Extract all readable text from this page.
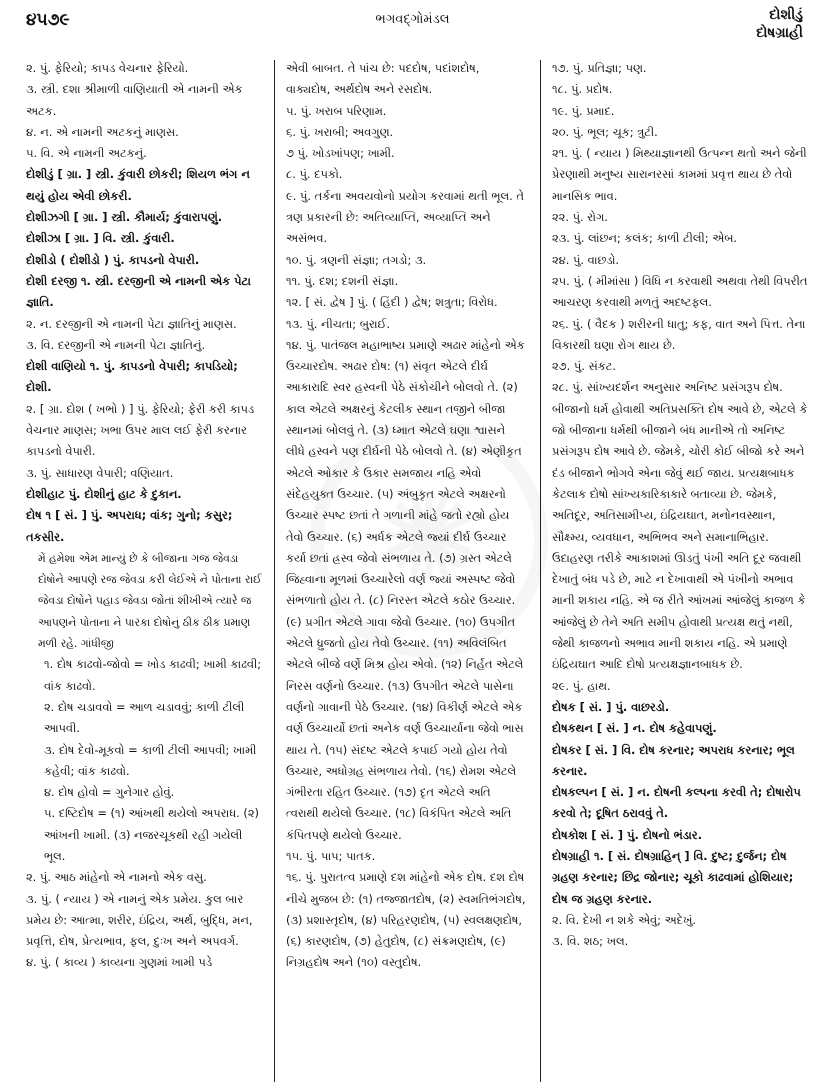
૪૫૭૯	ભગવદ્ગોમંડલ	દોશીડું
દોષગ્રાહી

૨. પું. ફેરિયો; કાપડ વેચનાર ફેરિયો.

૩. સ્ત્રી. દશા શ્રીમાળી વાણિયાતી એ નામની એક અટક.

૪. ન. એ નામની અટકનું માણસ.

૫. વિ. એ નામની અટકનું.

દોશીડું [ ગ્રા. ] સ્ત્રી. કુંવારી છોકરી; શિયળ ભંગ ન થયું હોય એવી છોકરી.

દોશીઝગી [ ગ્રા. ] સ્ત્રી. કૌમાર્ય; કુંવારાપણું.

દોશીઝા [ ગ્રા. ] વિ. સ્ત્રી. કુંવારી.

દોશીડો ( દોશીડો ) પું. કાપડનો વેપારી.

દોશી દરજી ૧. સ્ત્રી. દરજીની એ નામની એક પેટા જ્ઞાતિ.

૨. ન. દરજીની એ નામની પેટા જ્ઞાતિનું માણસ.

૩. વિ. દરજીની એ નામની પેટા જ્ઞાતિનું.

દોશી વાણિયો ૧. પું. કાપડનો વેપારી; કાપડિયો; દોશી.

૨. [ ગ્રા. દોશ ( ખભો ) ] પું. ફેરિયો; ફેરી કરી કાપડ વેચનાર માણસ; ખભા ઉપર માલ લઈ ફેરી કરનાર કાપડનો વેપારી.

૩. પું. સાધારણ વેપારી; વણિયાત.

દોશીહાટ પું. દોશીનું હાટ કે દુકાન.

દોષ ૧ [ સં. ] પું. અપરાધ; વાંક; ગુનો; કસુર; તકસીર.

મેં હમેશા એમ માન્યું છે કે બીજાના ગજ જેવડા દોષોને આપણે રજ જેવડા કરી લેઈએ ને પોતાના રાઈ જેવડા દોષોને પહાડ જેવડા જોતાં શીખીએ ત્યારે જ આપણને પોતાના ને પારકા દોષોનું ઠીક ઠીક પ્રમાણ મળી રહે. ગાંધીજી

૧. દોષ કાઢવો-જોવો = ખોડ કાઢવી; ખામી કાઢવી; વાંક કાઢવો.

૨. દોષ ચડાવવો = આળ ચડાવવું; કાળી ટીલી આપવી.

૩. દોષ દેવો-મૂકવો = કાળી ટીલી આપવી; ખામી કહેવી; વાંક કાઢવો.

૪. દોષ હોવો = ગુનેગાર હોવું.

૫. દષ્ટિદોષ = (૧) આંખથી થયેલો અપરાધ. (૨) આંખની ખામી. (૩) નજરચૂકથી રહી ગયેલી ભૂલ.

૨. પું. આઠ માંહેનો એ નામનો એક વસુ.

૩. પું. ( ન્યાય ) એ નામનું એક પ્રમેય. કુલ બાર પ્રમેય છે: આત્મા, શરીર, ઇંદ્રિય, અર્થ, બુદ્ધિ, મન, પ્રવૃત્તિ, દોષ, પ્રેત્યભાવ, ફલ, દુઃખ અને અપવર્ગ.

૪. પું. ( કાવ્ય ) કાવ્યના ગુણમાં ખામી પડે

એવી બાબત. તે પાંચ છે: પદદોષ, પદાંશદોષ, વાક્યદોષ, અર્થદોષ અને રસદોષ.

૫. પું. ખરાબ પરિણામ.

૬. પું. ખરાબી; અવગુણ.

૭ પું. ખોડખાંપણ; ખામી.

૮. પું. દપકો.

૯. પું. તર્કના અવયવોનો પ્રયોગ કરવામાં થતી ભૂલ. તે ત્રણ પ્રકારની છે: અતિવ્યાપ્તિ, અવ્યાપ્તિ અને અસંભવ.

૧૦. પું. ત્રણની સંજ્ઞા; તગડો; ૩.

૧૧. પું. દશ; દશની સંજ્ઞા.

૧૨. [ સં. દ્વેષ ] પું. ( હિંદી ) દ્વેષ; શત્રુતા; વિરોધ.

૧૩. પું. નીચતા; બુરાઈ.

૧૪. પું. પાતંજલ મહાભાષ્ય પ્રમાણે અઢાર માંહેનો એક ઉચ્ચારદોષ. અઢાર દોષ: (૧) સંવૃત એટલે દીર્ઘ આકારાદિ સ્વર હસ્વની પેઠે સંકોચીને બોલવો તે. (૨) કાલ એટલે અક્ષરનું કેટલીક સ્થાન તજીને બીજા સ્થાનમાં બોલવું તે. (૩) ધ્માત એટલે ઘણા શ્વાસને લીધે હસ્વને પણ દીર્ઘની પેઠે બોલવો તે. (૪) એણીકૃત એટલે ઓકાર કે ઉકાર સમજાય નહિ એવો સંદેહયુક્ત ઉચ્ચાર. (૫) અંબુકૃત એટલે અક્ષરનો ઉચ્ચાર સ્પષ્ટ છતાં તે ગળાની માંહે જતો રહ્યો હોય તેવો ઉચ્ચાર. (૬) અર્ધક એટલે જ્યાં દીર્ઘ ઉચ્ચાર કર્યા છતાં હ્રસ્વ જેવો સંભળાય તે. (૭) ગ્રસ્ત એટલે જિહ્વાના મૂળમાં ઉચ્ચારેલો વર્ણ જ્યાં અસ્પષ્ટ જેવો સંભળાતો હોય તે. (૮) નિરસ્ત એટલે કઠોર ઉચ્ચાર. (૯) પ્રગીત એટલે ગાવા જેવો ઉચ્ચાર. (૧૦) ઉપગીત એટલે ધ્રુજતો હોય તેવો ઉચ્ચાર. (૧૧) અવિલંબિત એટલે બીજે વર્ણે મિશ્ર હોય એવો. (૧૨) નિર્હત એટલે નિરસ વર્ણનો ઉચ્ચાર. (૧૩) ઉપગીત એટલે પાસેના વર્ણનો ગાવાની પેઠે ઉચ્ચાર. (૧૪) વિકીર્ણ એટલે એક વર્ણ ઉચ્ચાર્યો છતાં અનેક વર્ણ ઉચ્ચાર્યાના જેવો ભાસ થાય તે. (૧૫) સંદષ્ટ એટલે કપાઈ ગયો હોય તેવો ઉચ્ચાર, અધોગ્રહ સંભળાય તેવો. (૧૬) રોમશ એટલે ગંભીરતા રહિત ઉચ્ચાર. (૧૭) દૃત એટલે અતિ ત્વરાથી થયેલો ઉચ્ચાર. (૧૮) વિકંપિત એટલે અતિ કંપિતપણે થયેલો ઉચ્ચાર.

૧૫. પું. પાપ; પાતક.

૧૬. પું. પુરાતત્વ પ્રમાણે દશ માંહેનો એક દોષ. દશ દોષ નીચે મુજબ છે: (૧) તજ્જાતદોષ, (૨) સ્વમતિભંગદોષ, (૩) પ્રશાસ્તૃદોષ, (૪) પરિહરણદોષ, (૫) સ્વલક્ષણદોષ, (૬) કારણદોષ, (૭) હેતુદોષ, (૮) સંક્રમણદોષ, (૯) નિગ્રહદોષ અને (૧૦) વસ્તુદોષ.

૧૭. પું. પ્રતિજ્ઞા; પણ.

૧૮. પું. પ્રદોષ.

૧૯. પું. પ્રમાદ.

૨૦. પું. ભૂલ; ચૂક; ત્રુટી.

૨૧. પું. ( ન્યાય ) મિથ્યાજ્ઞાનથી ઉત્પન્ન થતો અને જેની પ્રેરણાથી મનુષ્ય સારાનરસાં કામમાં પ્રવૃત્ત થાય છે તેવો માનસિક ભાવ.

૨૨. પું. રોગ.

૨૩. પું. લાંછન; કલંક; કાળી ટીલી; એબ.

૨૪. પું. વાછડો.

૨૫. પું. ( મીમાંસા ) વિધિ ન કરવાથી અથવા તેથી વિપરીત આચરણ કરવાથી મળતું અદષ્ટફલ.

૨૬. પું. ( વૈદક ) શરીરની ધાતુ; કફ, વાત અને પિત્ત. તેના વિકારથી ઘણા રોગ થાય છે.

૨૭. પું. સંકટ.

૨૮. પું. સાંખ્યદર્શન અનુસાર અનિષ્ટ પ્રસંગરૂપ દોષ. બીજાનો ધર્મ હોવાથી અતિપ્રસક્તિ દોષ આવે છે, એટલે કે જો બીજાના ધર્મથી બીજાને બંધ માનીએ તો અનિષ્ટ પ્રસંગરૂપ દોષ આવે છે. જેમકે, ચોરી કોઈ બીજો કરે અને દંડ બીજાને ભોગવે એના જેવું થઈ જાય. પ્રત્યક્ષબાધક કેટલાક દોષો સાંખ્યકારિકાકારે બતાવ્યા છે. જેમકે, અતિદૂર, અતિસામીપ્ય, ઇંદ્રિયઘાત, મનોનવસ્થાન, સૌક્ષ્મ્ય, વ્યવધાન, અભિભવ અને સમાનાભિહાર. ઉદાહરણ તરીકે આકાશમાં ઊડતું પંખી અતિ દૂર જવાથી દેખાતું બંધ પડે છે, માટે ન દેખાવાથી એ પંખીનો અભાવ માની શકાય નહિ. એ જ રીતે આંખમાં આંજેલું કાજળ કે આંજેલું છે તેને અતિ સમીપ હોવાથી પ્રત્યક્ષ થતું નથી, જેથી કાજળનો અભાવ માની શકાય નહિ. એ પ્રમાણે ઇંદ્રિયઘાત આદિ દોષો પ્રત્યક્ષજ્ઞાનબાધક છે.

૨૯. પું. હાથ.

દોષક [ સં. ] પું. વાછરડો.

દોષકથન [ સં. ] ન. દોષ કહેવાપણું.

દોષકર [ સં. ] વિ. દોષ કરનાર; અપરાધ કરનાર; ભૂલ કરનાર.

દોષકલ્પન [ સં. ] ન. દોષની કલ્પના કરવી તે; દોષારોપ કરવો તે; દૂષિત ઠરાવવું તે.

દોષકોશ [ સં. ] પું. દોષનો ભંડાર.

દોષગ્રાહી ૧. [ સં. દોષગ્રાહિન્ ] વિ. દુષ્ટ; દુર્જન; દોષ ગ્રહણ કરનાર; છિદ્ર જોનાર; ચૂકો કાઢવામાં હોશિયાર; દોષ જ ગ્રહણ કરનાર.

૨. વિ. દેખી ન શકે એવું; અદેખું.

૩. વિ. શઠ; ખલ.
